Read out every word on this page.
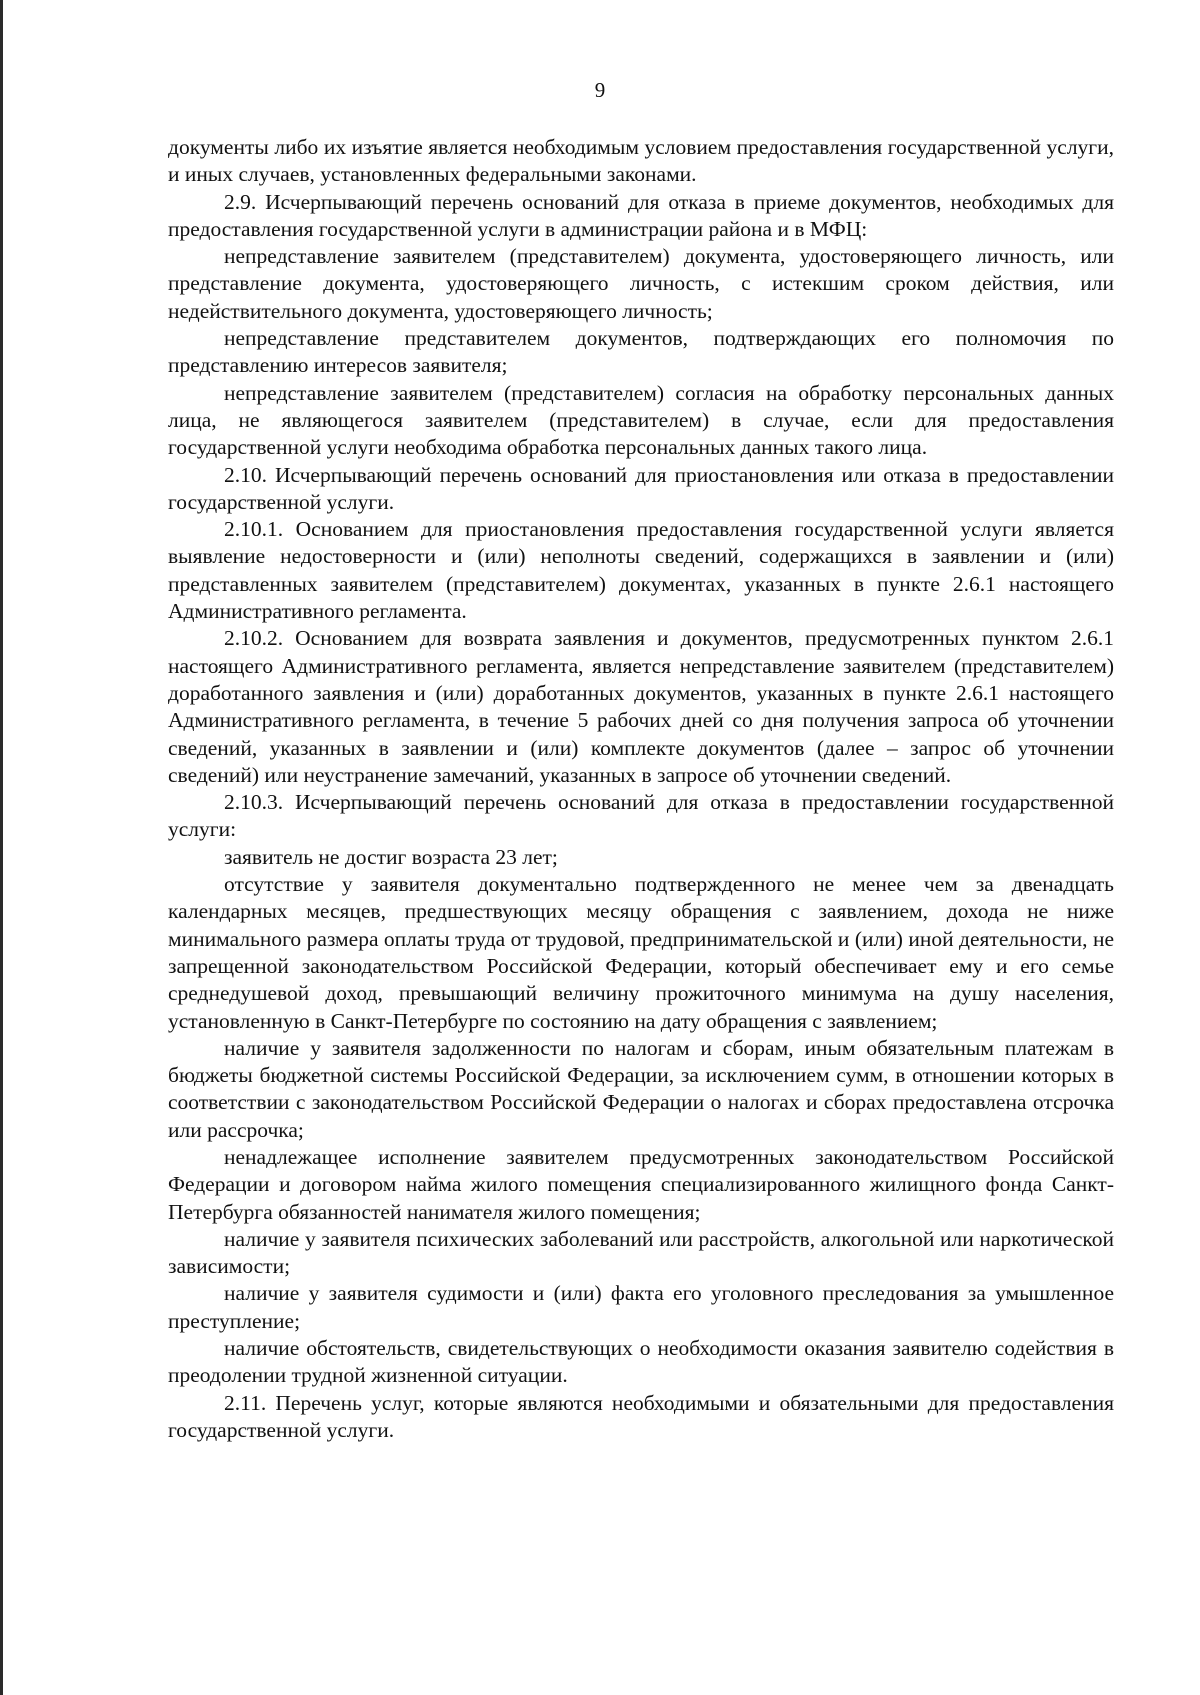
9

документы либо их изъятие является необходимым условием предоставления государственной услуги, и иных случаев, установленных федеральными законами.

2.9. Исчерпывающий перечень оснований для отказа в приеме документов, необходимых для предоставления государственной услуги в администрации района и в МФЦ:

непредставление заявителем (представителем) документа, удостоверяющего личность, или представление документа, удостоверяющего личность, с истекшим сроком действия, или недействительного документа, удостоверяющего личность;

непредставление представителем документов, подтверждающих его полномочия по представлению интересов заявителя;

непредставление заявителем (представителем) согласия на обработку персональных данных лица, не являющегося заявителем (представителем) в случае, если для предоставления государственной услуги необходима обработка персональных данных такого лица.

2.10. Исчерпывающий перечень оснований для приостановления или отказа в предоставлении государственной услуги.

2.10.1. Основанием для приостановления предоставления государственной услуги является выявление недостоверности и (или) неполноты сведений, содержащихся в заявлении и (или) представленных заявителем (представителем) документах, указанных в пункте 2.6.1 настоящего Административного регламента.

2.10.2. Основанием для возврата заявления и документов, предусмотренных пунктом 2.6.1 настоящего Административного регламента, является непредставление заявителем (представителем) доработанного заявления и (или) доработанных документов, указанных в пункте 2.6.1 настоящего Административного регламента, в течение 5 рабочих дней со дня получения запроса об уточнении сведений, указанных в заявлении и (или) комплекте документов (далее – запрос об уточнении сведений) или неустранение замечаний, указанных в запросе об уточнении сведений.

2.10.3. Исчерпывающий перечень оснований для отказа в предоставлении государственной услуги:

заявитель не достиг возраста 23 лет;

отсутствие у заявителя документально подтвержденного не менее чем за двенадцать календарных месяцев, предшествующих месяцу обращения с заявлением, дохода не ниже минимального размера оплаты труда от трудовой, предпринимательской и (или) иной деятельности, не запрещенной законодательством Российской Федерации, который обеспечивает ему и его семье среднедушевой доход, превышающий величину прожиточного минимума на душу населения, установленную в Санкт-Петербурге по состоянию на дату обращения с заявлением;

наличие у заявителя задолженности по налогам и сборам, иным обязательным платежам в бюджеты бюджетной системы Российской Федерации, за исключением сумм, в отношении которых в соответствии с законодательством Российской Федерации о налогах и сборах предоставлена отсрочка или рассрочка;

ненадлежащее исполнение заявителем предусмотренных законодательством Российской Федерации и договором найма жилого помещения специализированного жилищного фонда Санкт-Петербурга обязанностей нанимателя жилого помещения;

наличие у заявителя психических заболеваний или расстройств, алкогольной или наркотической зависимости;

наличие у заявителя судимости и (или) факта его уголовного преследования за умышленное преступление;

наличие обстоятельств, свидетельствующих о необходимости оказания заявителю содействия в преодолении трудной жизненной ситуации.

2.11. Перечень услуг, которые являются необходимыми и обязательными для предоставления государственной услуги.
